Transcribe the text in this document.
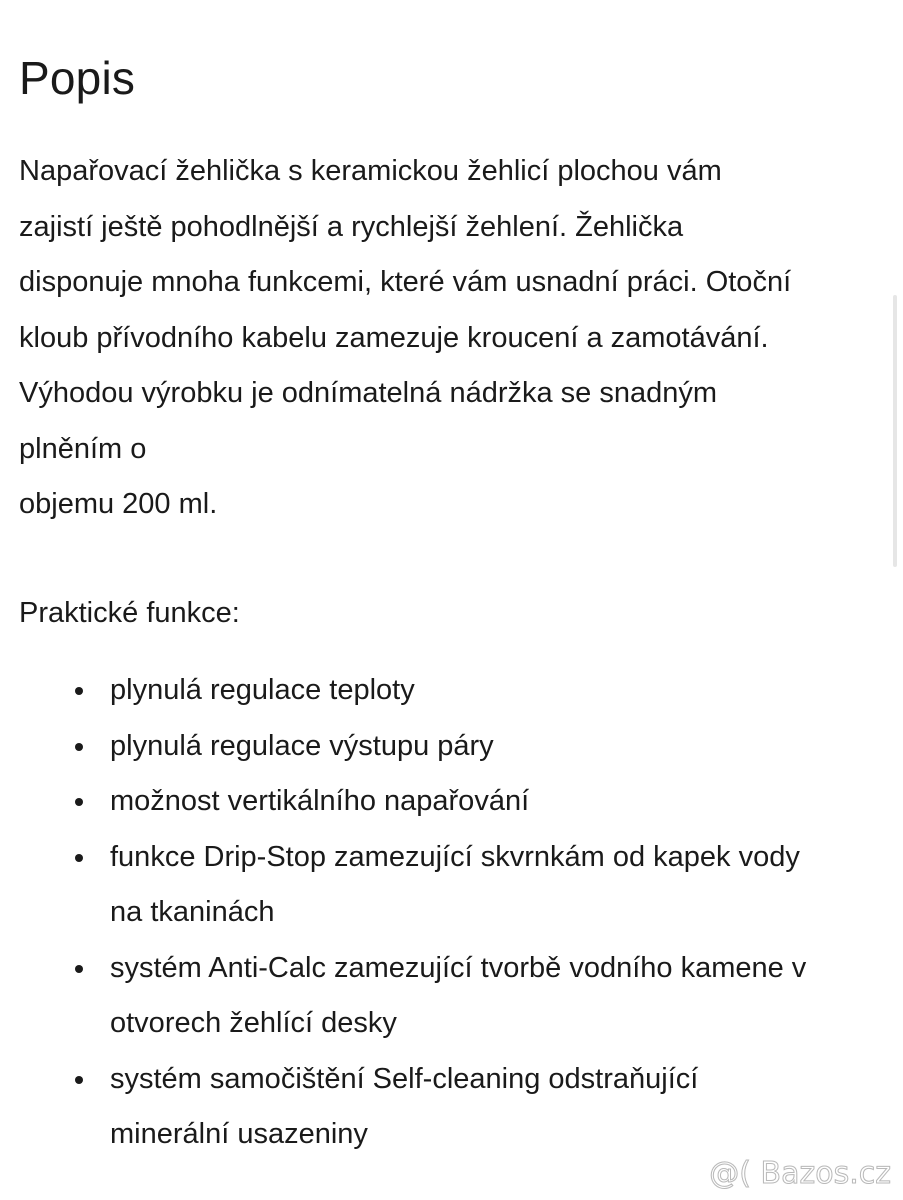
Popis
Napařovací žehlička s keramickou žehlicí plochou vám
zajistí ještě pohodlnější a rychlejší žehlení. Žehlička
disponuje mnoha funkcemi, které vám usnadní práci. Otoční
kloub přívodního kabelu zamezuje kroucení a zamotávání.
Výhodou výrobku je odnímatelná nádržka se snadným
plněním o
objemu 200 ml.
Praktické funkce:
plynulá regulace teploty
plynulá regulace výstupu páry
možnost vertikálního napařování
funkce Drip-Stop zamezující skvrnkám od kapek vody
na tkaninách
systém Anti-Calc zamezující tvorbě vodního kamene v
otvorech žehlící desky
systém samočištění Self-cleaning odstraňující
minerální usazeniny
@( Bazos.cz
